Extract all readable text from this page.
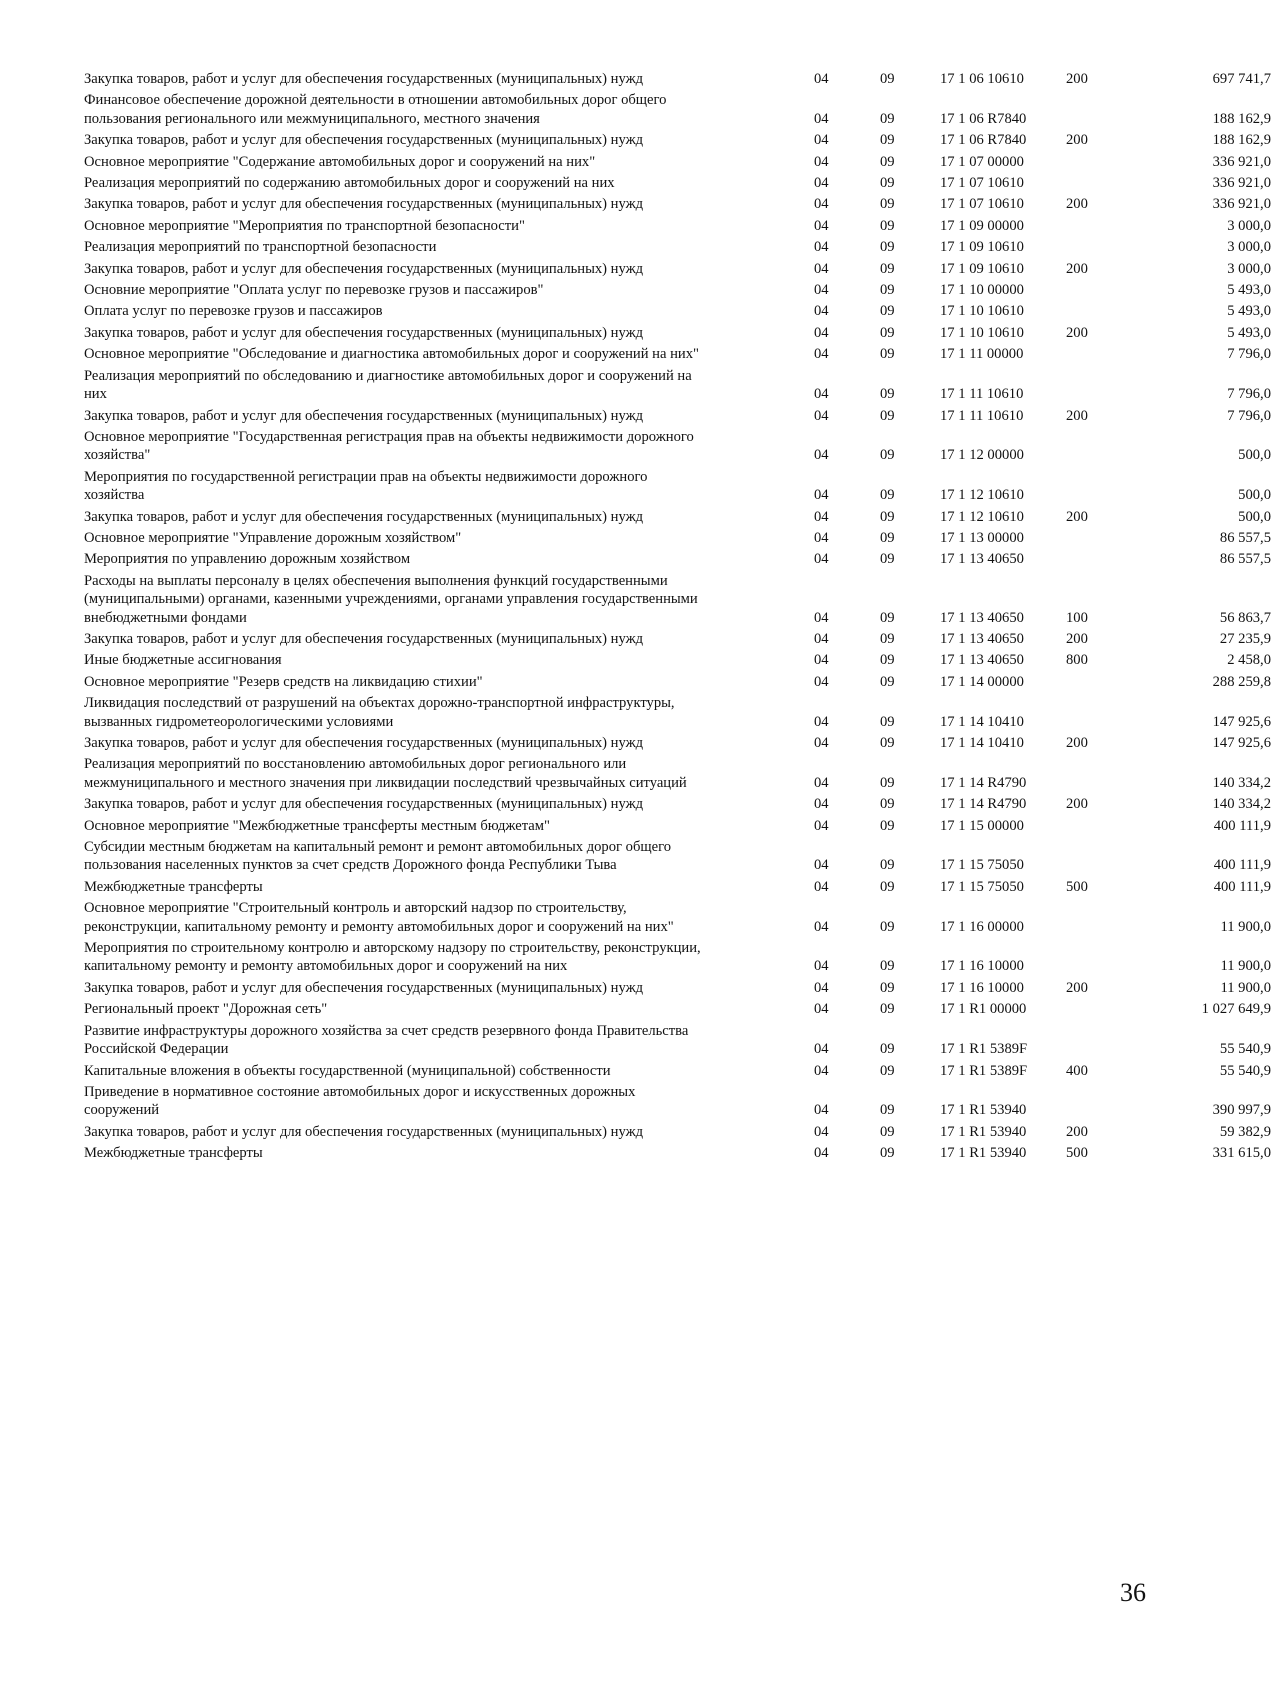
Закупка товаров, работ и услуг для обеспечения государственных (муниципальных) нужд	04	09	17 1 06 10610	200	697 741,7
Финансовое обеспечение дорожной деятельности в отношении автомобильных дорог общего пользования регионального или межмуниципального, местного значения	04	09	17 1 06 R7840	188 162,9
Закупка товаров, работ и услуг для обеспечения государственных (муниципальных) нужд	04	09	17 1 06 R7840	200	188 162,9
Основное мероприятие "Содержание автомобильных дорог и сооружений на них"	04	09	17 1 07 00000	336 921,0
Реализация мероприятий по содержанию автомобильных дорог и сооружений на них	04	09	17 1 07 10610	336 921,0
Закупка товаров, работ и услуг для обеспечения государственных (муниципальных) нужд	04	09	17 1 07 10610	200	336 921,0
Основное мероприятие "Мероприятия по транспортной безопасности"	04	09	17 1 09 00000	3 000,0
Реализация мероприятий по транспортной безопасности	04	09	17 1 09 10610	3 000,0
Закупка товаров, работ и услуг для обеспечения государственных (муниципальных) нужд	04	09	17 1 09 10610	200	3 000,0
Основние мероприятие "Оплата услуг по перевозке грузов и пассажиров"	04	09	17 1 10 00000	5 493,0
Оплата услуг по перевозке грузов и пассажиров	04	09	17 1 10 10610	5 493,0
Закупка товаров, работ и услуг для обеспечения государственных (муниципальных) нужд	04	09	17 1 10 10610	200	5 493,0
Основное мероприятие "Обследование и диагностика автомобильных дорог и сооружений на них"	04	09	17 1 11 00000	7 796,0
Реализация мероприятий по обследованию и диагностике автомобильных дорог и сооружений на них	04	09	17 1 11 10610	7 796,0
Закупка товаров, работ и услуг для обеспечения государственных (муниципальных) нужд	04	09	17 1 11 10610	200	7 796,0
Основное мероприятие "Государственная регистрация прав на объекты недвижимости дорожного хозяйства"	04	09	17 1 12 00000	500,0
Мероприятия по государственной регистрации прав на объекты недвижимости дорожного хозяйства	04	09	17 1 12 10610	500,0
Закупка товаров, работ и услуг для обеспечения государственных (муниципальных) нужд	04	09	17 1 12 10610	200	500,0
Основное мероприятие "Управление дорожным хозяйством"	04	09	17 1 13 00000	86 557,5
Мероприятия по управлению дорожным хозяйством	04	09	17 1 13 40650	86 557,5
Расходы на выплаты персоналу в целях обеспечения выполнения функций государственными (муниципальными) органами, казенными учреждениями, органами управления государственными внебюджетными фондами	04	09	17 1 13 40650	100	56 863,7
Закупка товаров, работ и услуг для обеспечения государственных (муниципальных) нужд	04	09	17 1 13 40650	200	27 235,9
Иные бюджетные ассигнования	04	09	17 1 13 40650	800	2 458,0
Основное мероприятие "Резерв средств на ликвидацию стихии"	04	09	17 1 14 00000	288 259,8
Ликвидация последствий от разрушений на объектах дорожно-транспортной инфраструктуры, вызванных гидрометеорологическими условиями	04	09	17 1 14 10410	147 925,6
Закупка товаров, работ и услуг для обеспечения государственных (муниципальных) нужд	04	09	17 1 14 10410	200	147 925,6
Реализация мероприятий по восстановлению автомобильных дорог регионального или межмуниципального и местного значения при ликвидации последствий чрезвычайных ситуаций	04	09	17 1 14 R4790	140 334,2
Закупка товаров, работ и услуг для обеспечения государственных (муниципальных) нужд	04	09	17 1 14 R4790	200	140 334,2
Основное мероприятие "Межбюджетные трансферты местным бюджетам"	04	09	17 1 15 00000	400 111,9
Субсидии местным бюджетам на капитальный ремонт и ремонт автомобильных дорог общего пользования населенных пунктов за счет средств Дорожного фонда Республики Тыва	04	09	17 1 15 75050	400 111,9
Межбюджетные трансферты	04	09	17 1 15 75050	500	400 111,9
Основное мероприятие "Строительный контроль и авторский надзор по строительству, реконструкции, капитальному ремонту и ремонту автомобильных дорог и сооружений на них"	04	09	17 1 16 00000	11 900,0
Мероприятия по строительному контролю и авторскому надзору по строительству, реконструкции, капитальному ремонту и ремонту автомобильных дорог и сооружений на них	04	09	17 1 16 10000	11 900,0
Закупка товаров, работ и услуг для обеспечения государственных (муниципальных) нужд	04	09	17 1 16 10000	200	11 900,0
Региональный проект "Дорожная сеть"	04	09	17 1 R1 00000	1 027 649,9
Развитие инфраструктуры дорожного хозяйства за счет средств резервного фонда Правительства Российской Федерации	04	09	17 1 R1 5389F	55 540,9
Капитальные вложения в объекты государственной (муниципальной) собственности	04	09	17 1 R1 5389F	400	55 540,9
Приведение в нормативное состояние автомобильных дорог и искусственных дорожных сооружений	04	09	17 1 R1 53940	390 997,9
Закупка товаров, работ и услуг для обеспечения государственных (муниципальных) нужд	04	09	17 1 R1 53940	200	59 382,9
Межбюджетные трансферты	04	09	17 1 R1 53940	500	331 615,0
36
